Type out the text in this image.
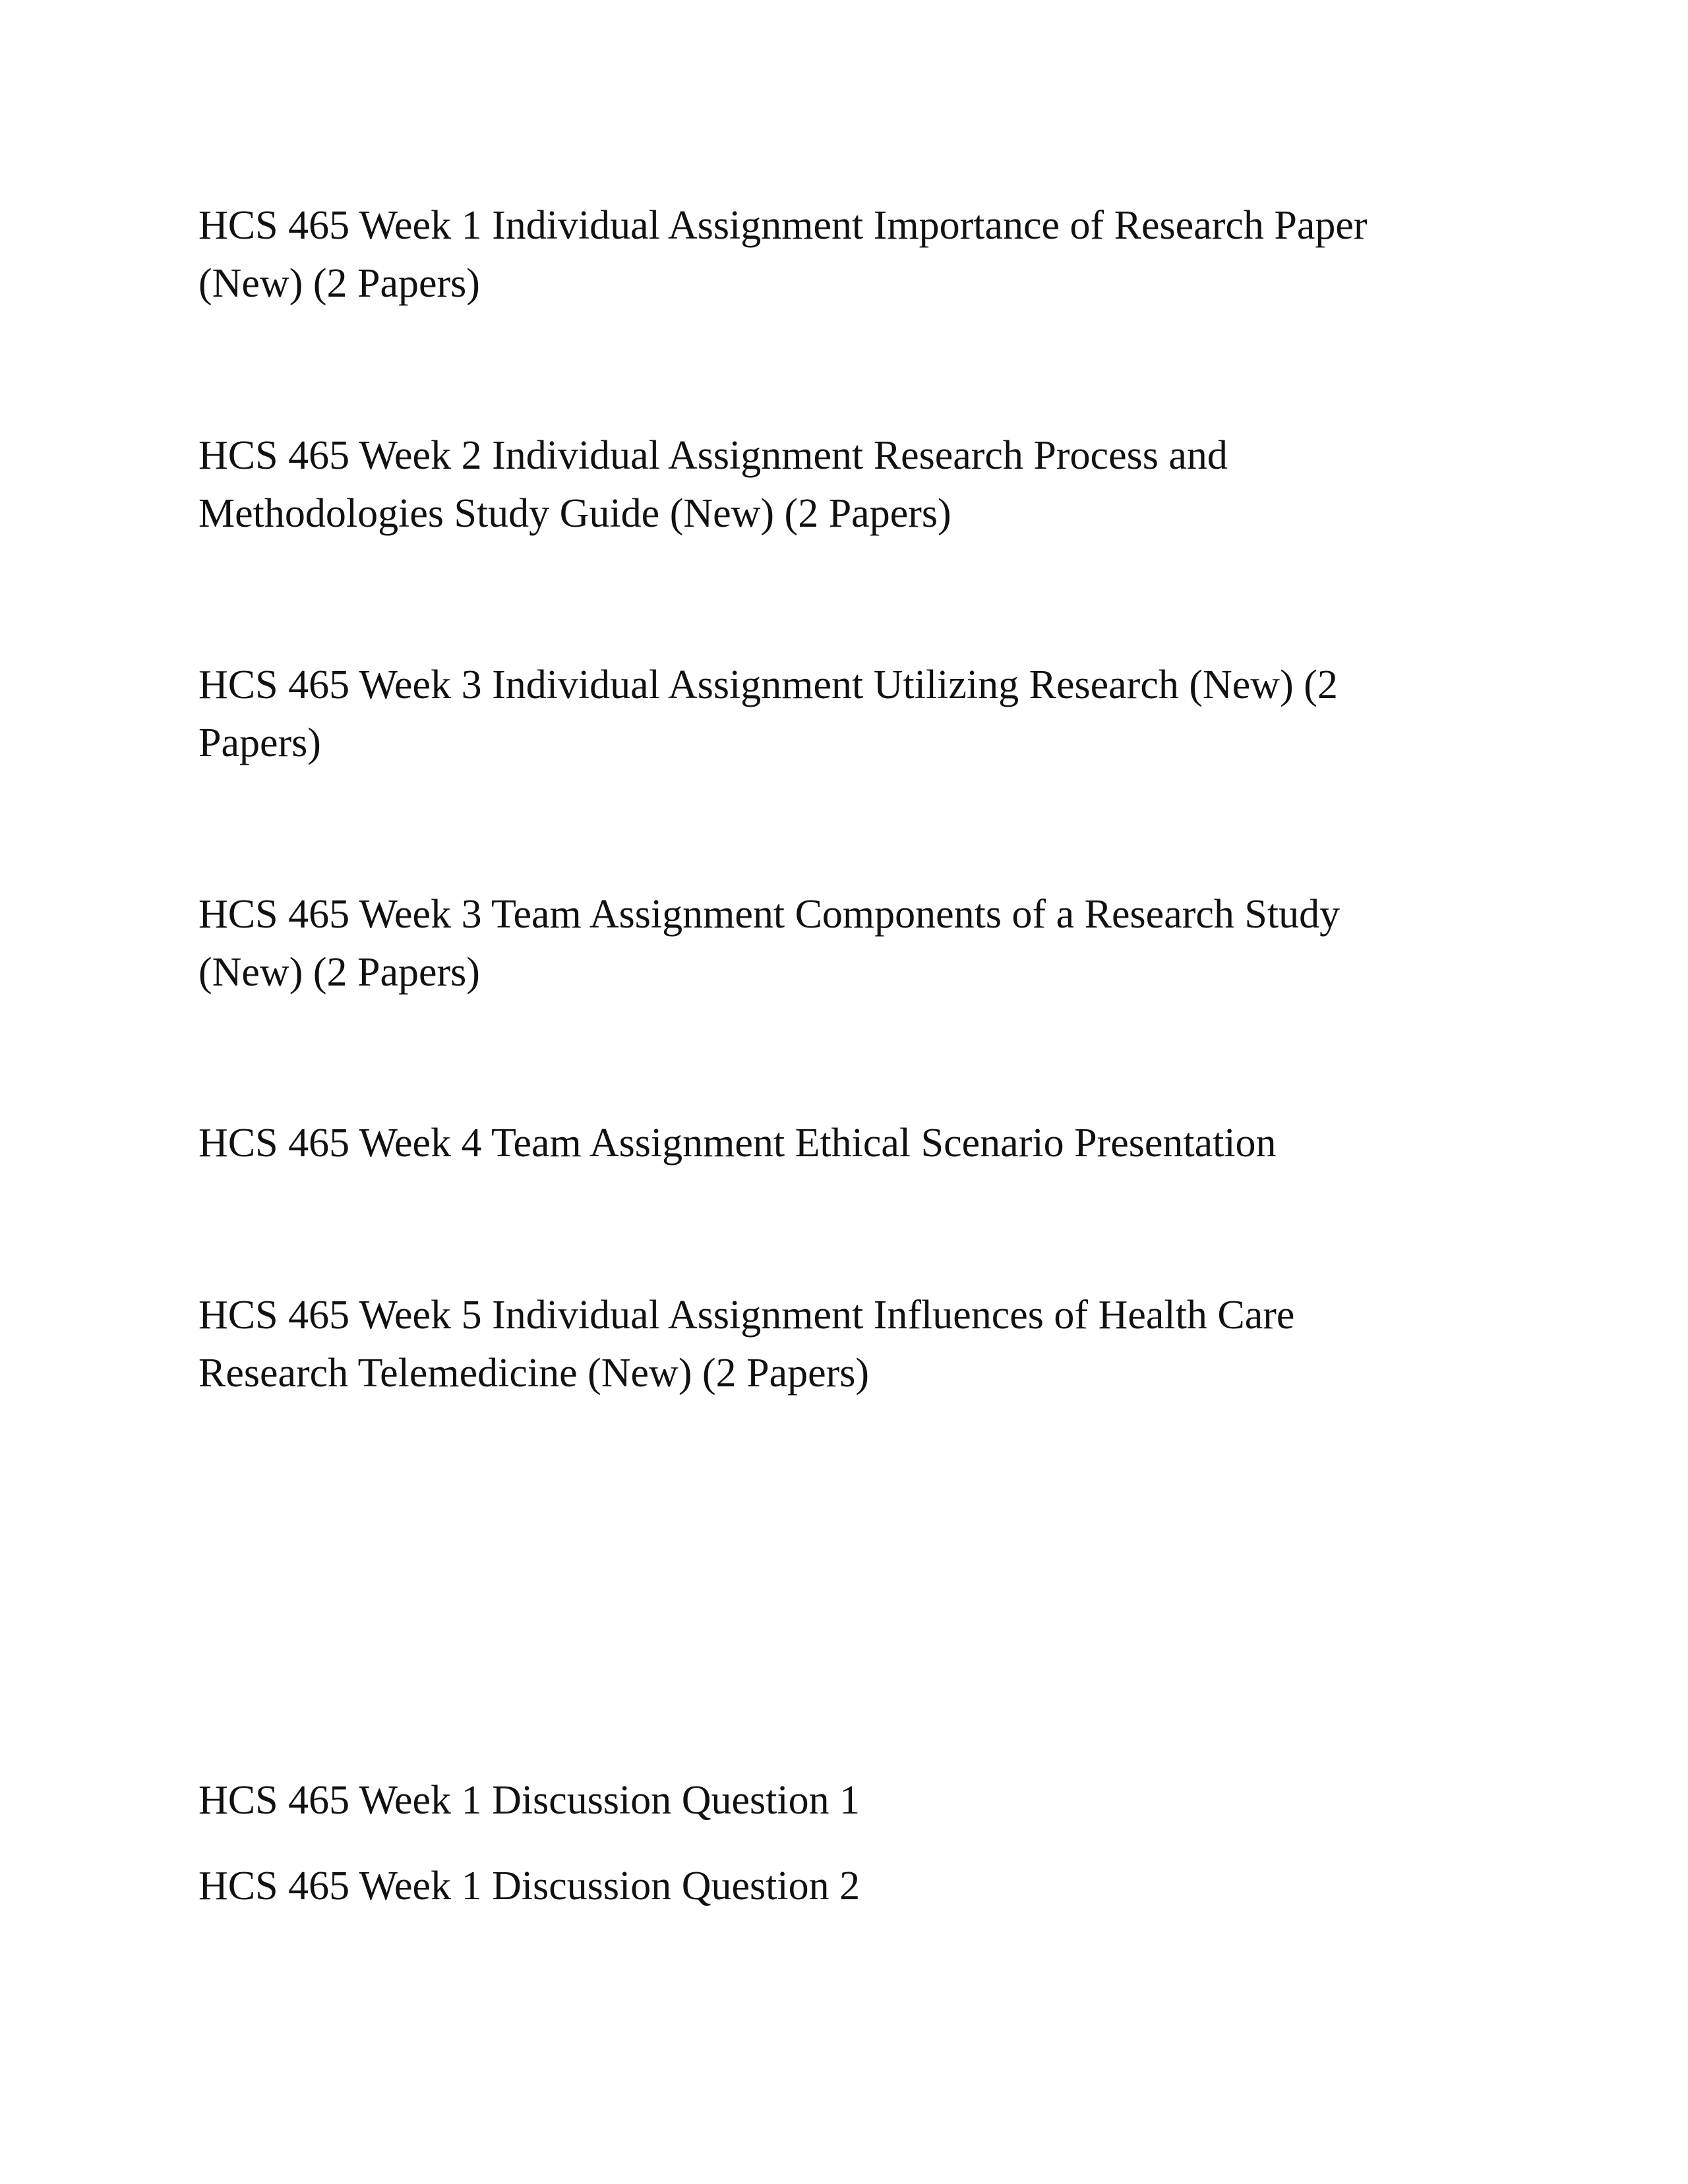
HCS 465 Week 1 Individual Assignment Importance of Research Paper
(New) (2 Papers)

HCS 465 Week 2 Individual Assignment Research Process and
Methodologies Study Guide (New) (2 Papers)

HCS 465 Week 3 Individual Assignment Utilizing Research (New) (2
Papers)

HCS 465 Week 3 Team Assignment Components of a Research Study
(New) (2 Papers)

HCS 465 Week 4 Team Assignment Ethical Scenario Presentation

HCS 465 Week 5 Individual Assignment Influences of Health Care
Research Telemedicine (New) (2 Papers)

HCS 465 Week 1 Discussion Question 1

HCS 465 Week 1 Discussion Question 2
